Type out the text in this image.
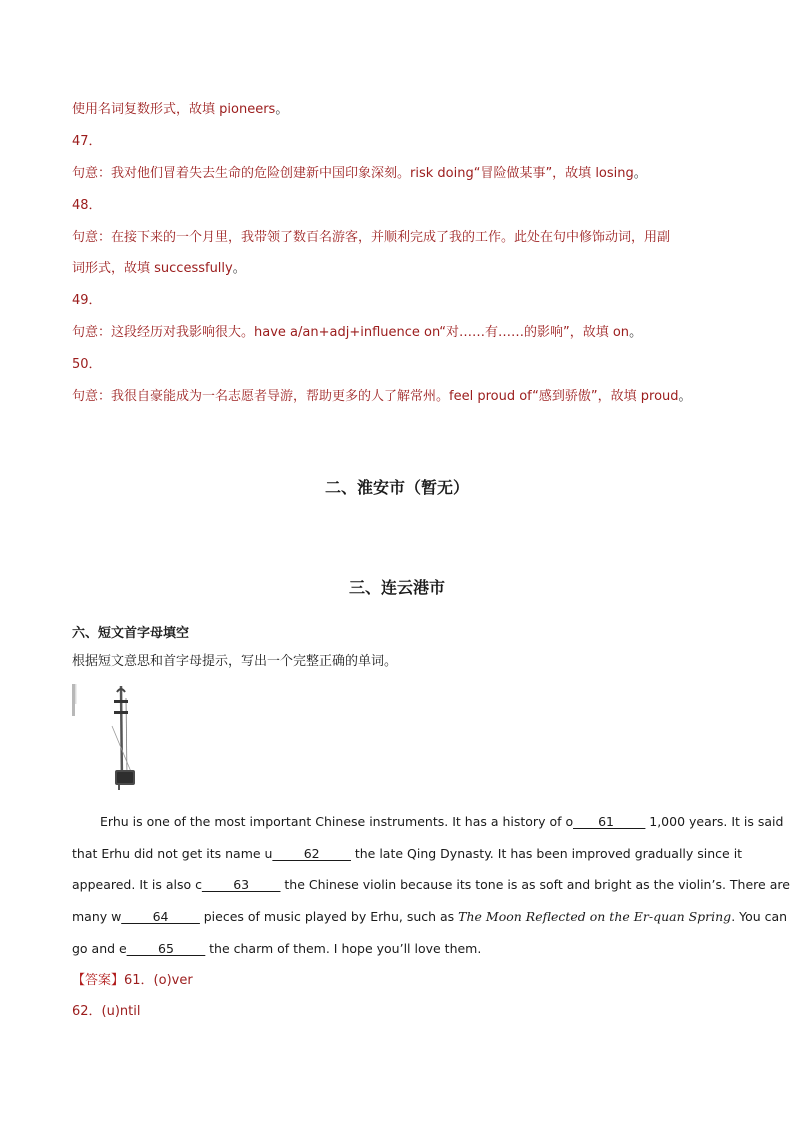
使用名词复数形式，故填 pioneers。
47．
句意：我对他们冒着失去生命的危险创建新中国印象深刻。risk doing“冒险做某事”，故填 losing。
48．
句意：在接下来的一个月里，我带领了数百名游客，并顺利完成了我的工作。此处在句中修饰动词，用副
词形式，故填 successfully。
49．
句意：这段经历对我影响很大。have a/an+adj+influence on“对……有……的影响”，故填 on。
50．
句意：我很自豪能成为一名志愿者导游，帮助更多的人了解常州。feel proud of“感到骄傲”，故填 proud。
二、淮安市（暂无）
三、连云港市
六、短文首字母填空
根据短文意思和首字母提示，写出一个完整正确的单词。
Erhu is one of the most important Chinese instruments. It has a history of o____61_____ 1,000 years. It is said
that Erhu did not get its name u_____62_____ the late Qing Dynasty. It has been improved gradually since it
appeared. It is also c_____63_____ the Chinese violin because its tone is as soft and bright as the violin’s. There are
many w_____64_____ pieces of music played by Erhu, such as The Moon Reflected on the Er-quan Spring. You can
go and e_____65_____ the charm of them. I hope you’ll love them.
【答案】61．(o)ver
62．(u)ntil
